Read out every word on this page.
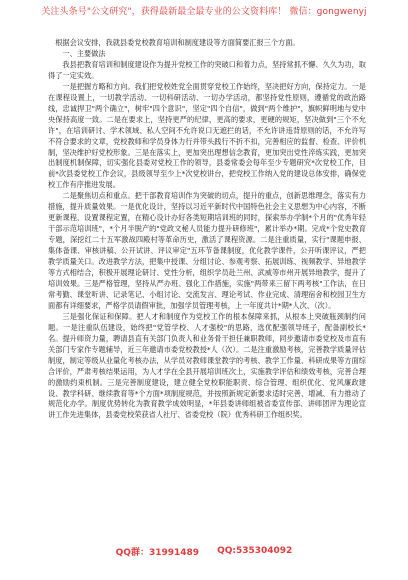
关注头条号"公文研究"，获得最新最全最专业的公文资料库！ 微信：gongwenyj

根据会议安排，我就县委党校教育培训和制度建设等方面简要汇报三个方面。

一、主要做法

我县把教育培训和制度建设作为提升党校工作的突破口和着力点，坚持常抓不懈、久久为功，取得了一定实效。

一是把握方略和方向。我们把党校姓党全面贯穿党校工作始终，坚决把好方向，保持定力。一是在课程设置上，一切教学活动、一切科研活动、一切办学活动，都坚持党性原则，遵循党的政治路线，忠诚捍卫"两个确立"，树牢"四个意识"，坚定"四个自信"，做到"两个维护"，旗帜鲜明地与党中央保持高度一致。二是在要求上，坚持更严的纪律，更高的要求，更硬的规矩，坚决做到"三个不允许"，在培训研讨、学术领域、私人空间不允许说口无遮拦的话，不允许讲违背原则的话，不允许写不符合要求的文章，党校教师和学员身体力行并带头践行不折不扣，完善相应的监督、检查、评价机制，坚决维护好党校形象。三是在落实上，更加突出理想信念教育，更加突出党性淬炼实践，更加突出制度机制保障，切实强化县委对党校工作的领导，县委常委会每年至少专题研究*次党校工作，目前*次县委党校工作会议，县级领导至少上*次党校讲台，把党校工作纳入党的建设总体安排，确保党校工作有序推进发展。

二是聚焦切点和重点。把干部教育培训作为突破的切点，提升的重点，创新思维理念，落实有力措施，提升质量效果。一是优化设计，坚持以习近平新时代中国特色社会主义思想为中心内容，不断更新课程、设置课程定置，在精心设计办好各类短期培训班的同时，探索举办学制*个月的"优秀年轻干部示范培训班"，*个月半脱产的"党政文秘人员能力提升研修班"，累计举办*期。完成*个党史教育专题，深挖红二十五军激战四殿村等革命历史，激活了课程资源。二是注重质量，实行"课题申报、集体备课、审核讲稿、公开试讲、评议审定"五环节备课制度，优化教学课件，公开听课评议，严把教学质量关口。改进教学方法，把集中授课、分组讨论、参观考察、拓展训练、视频教学、异地教学等方式相结合，积极开展理论研讨、党性分析，组织学员赴兰州、武威等市州开展异地教学，提升了培训效果。三是严格管理，坚持从严办班、强化工作措施，实施"两带来三留下两考核"工作法，在日常考勤、课堂听讲、记录笔记、小组讨论、交流发言、理论考试、作业完成、清理宿舍和校园卫生方面都有详细要求，严格学员请假审批，加强学员管理考核，上一年度共计*期*人次、（次）。

三是强化保证和保障。把人才和制度作为党校工作的根本保障来抓，从根本上突破瓶颈制约问题。一是注重队伍建设，始终把"党管学校、人才强校"的思路，选优配强领导班子，配备副校长*名。提升师资力量，聘请县直有关部门负责人和业务骨干担任兼职教师，同步邀请市委党校及市直有关部门专家作专题辅导，近三年邀请市委党校教授*人（次）。二是注重激励考核，完善教学质量评估制度，制定等级从业量化考核办法，从学员对教师课堂教学的考核、教学工作量、科研成果等方面综合评价，严肃考核结果运用，为人才学在全县开展培训班次上，实施教学评估和绩效考核，完善合理的激励约束机制。三是完善制度建设，建立健全党校职能职责、综合管理、组织优化、党风廉政建设、教学科研、继续教育等*个方面*项制度规范，并按照新规定新要求适时完善、增减、有力推动了规范化办学。制度优势转化为教育教学成效明显，*年县委讲师组被省委宣传部、讲师团评为理论宣讲工作先进集体，县委党校荣获省人社厅、省委党校（院）优秀科研工作组织奖。

QQ群：31991489 QQ:535304092
